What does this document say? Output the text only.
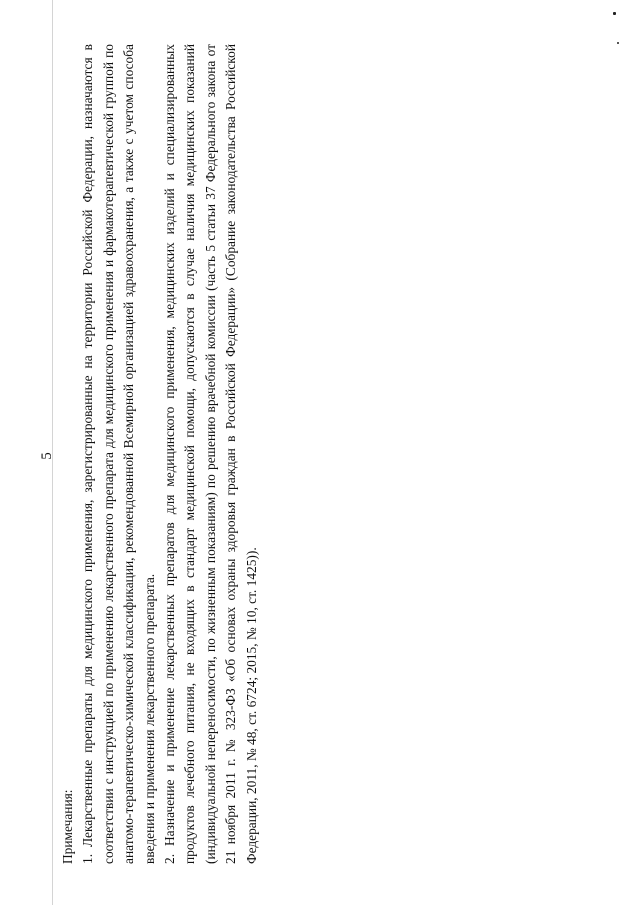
Примечания: 1. Лекарственные препараты для медицинского применения, зарегистрированные на территории Российской Федерации, назначаются в соответствии с инструкцией по применению лекарственного препарата для медицинского применения и фармакотерапевтической группой по анатомо-терапевтическо-химической классификации, рекомендованной Всемирной организацией здравоохранения, а также с учетом способа введения и применения лекарственного препарата. 2. Назначение и применение лекарственных препаратов для медицинского применения, медицинских изделий и специализированных продуктов лечебного питания, не входящих в стандарт медицинской помощи, допускаются в случае наличия медицинских показаний (индивидуальной непереносимости, по жизненным показаниям) по решению врачебной комиссии (часть 5 статьи 37 Федерального закона от 21 ноября 2011 г. № 323-ФЗ «Об основах охраны здоровья граждан в Российской Федерации» (Собрание законодательства Российской Федерации, 2011, № 48, ст. 6724; 2015, № 10, ст. 1425)).

5
